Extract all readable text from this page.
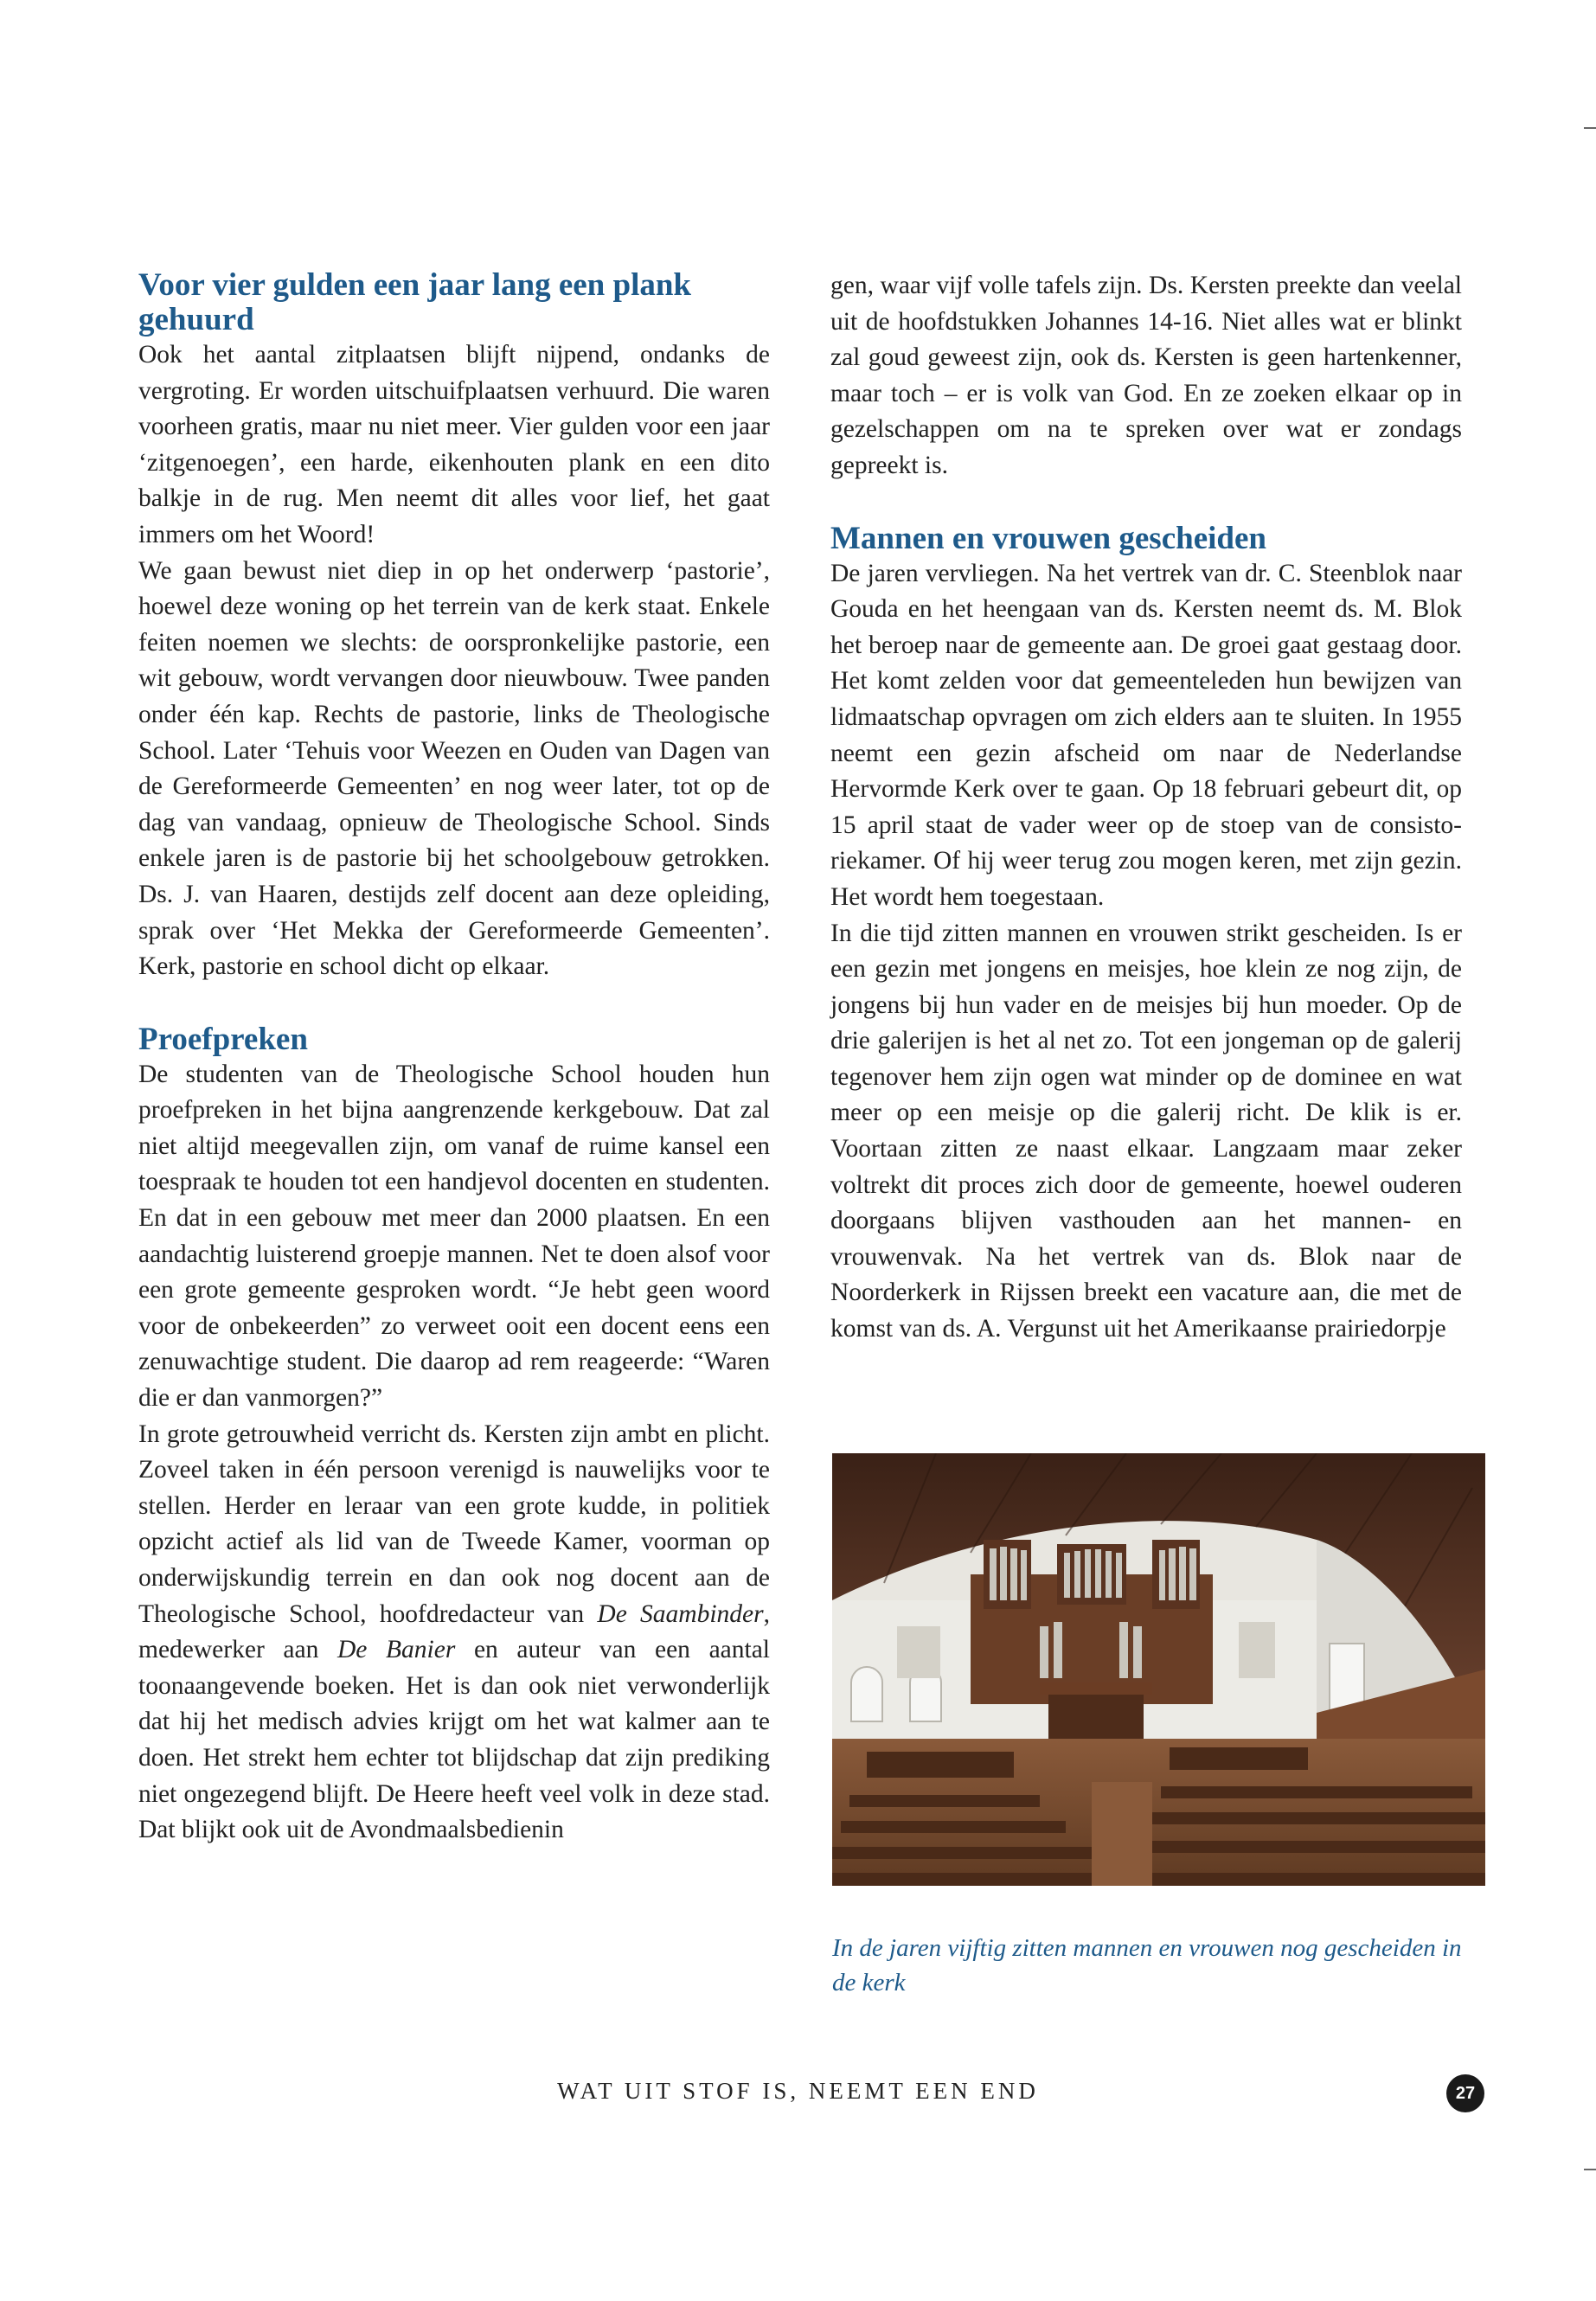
Voor vier gulden een jaar lang een plank gehuurd

Ook het aantal zitplaatsen blijft nijpend, ondanks de vergroting. Er worden uitschuifplaatsen verhuurd. Die waren voorheen gratis, maar nu niet meer. Vier gulden voor een jaar ‘zitgenoegen’, een harde, eikenhouten plank en een dito balkje in de rug. Men neemt dit alles voor lief, het gaat immers om het Woord!

We gaan bewust niet diep in op het onderwerp ‘pastorie’, hoewel deze woning op het terrein van de kerk staat. Enkele feiten noemen we slechts: de oorspronkelijke pastorie, een wit gebouw, wordt vervangen door nieuwbouw. Twee panden onder één kap. Rechts de pastorie, links de Theologische School. Later ‘Tehuis voor Weezen en Ouden van Dagen van de Gereformeerde Gemeenten’ en nog weer later, tot op de dag van vandaag, opnieuw de Theologische School. Sinds enkele jaren is de pastorie bij het schoolgebouw getrokken. Ds. J. van Haaren, destijds zelf docent aan deze opleiding, sprak over ‘Het Mekka der Gereformeerde Gemeenten’. Kerk, pastorie en school dicht op elkaar.

Proefpreken

De studenten van de Theologische School houden hun proefpreken in het bijna aangrenzende kerkgebouw. Dat zal niet altijd meegevallen zijn, om vanaf de ruime kansel een toespraak te houden tot een handjevol docenten en studenten. En dat in een gebouw met meer dan 2000 plaatsen. En een aandachtig luisterend groepje mannen. Net te doen alsof voor een grote gemeente gesproken wordt. “Je hebt geen woord voor de onbekeerden” zo verweet ooit een docent eens een zenuwachtige student. Die daarop ad rem reageerde: “Waren die er dan vanmorgen?”

In grote getrouwheid verricht ds. Kersten zijn ambt en plicht. Zoveel taken in één persoon verenigd is nauwelijks voor te stellen. Herder en leraar van een grote kudde, in politiek opzicht actief als lid van de Tweede Kamer, voorman op onderwijskundig terrein en dan ook nog docent aan de Theologische School, hoofdredacteur van De Saambinder, medewerker aan De Banier en auteur van een aantal toonaangevende boeken. Het is dan ook niet verwonderlijk dat hij het medisch advies krijgt om het wat kalmer aan te doen. Het strekt hem echter tot blijdschap dat zijn prediking niet ongezegend blijft. De Heere heeft veel volk in deze stad. Dat blijkt ook uit de Avondmaalsbedienin

gen, waar vijf volle tafels zijn. Ds. Kersten preekte dan veelal uit de hoofdstukken Johannes 14-16. Niet alles wat er blinkt zal goud geweest zijn, ook ds. Kersten is geen hartenkenner, maar toch – er is volk van God. En ze zoeken elkaar op in gezelschappen om na te spreken over wat er zondags gepreekt is.

Mannen en vrouwen gescheiden

De jaren vervliegen. Na het vertrek van dr. C. Steenblok naar Gouda en het heengaan van ds. Kersten neemt ds. M. Blok het beroep naar de gemeente aan. De groei gaat gestaag door. Het komt zelden voor dat gemeenteleden hun bewijzen van lidmaatschap opvragen om zich elders aan te sluiten. In 1955 neemt een gezin afscheid om naar de Nederlandse Hervormde Kerk over te gaan. Op 18 februari gebeurt dit, op 15 april staat de vader weer op de stoep van de consistoriekamer. Of hij weer terug zou mogen keren, met zijn gezin. Het wordt hem toegestaan.

In die tijd zitten mannen en vrouwen strikt gescheiden. Is er een gezin met jongens en meisjes, hoe klein ze nog zijn, de jongens bij hun vader en de meisjes bij hun moeder. Op de drie galerijen is het al net zo. Tot een jongeman op de galerij tegenover hem zijn ogen wat minder op de dominee en wat meer op een meisje op die galerij richt. De klik is er. Voortaan zitten ze naast elkaar. Langzaam maar zeker voltrekt dit proces zich door de gemeente, hoewel ouderen doorgaans blijven vasthouden aan het mannen- en vrouwenvak. Na het vertrek van ds. Blok naar de Noorderkerk in Rijssen breekt een vacature aan, die met de komst van ds. A. Vergunst uit het Amerikaanse prairiedorpje

In de jaren vijftig zitten mannen en vrouwen nog gescheiden in de kerk

WAT UIT STOF IS, NEEMT EEN END	27
